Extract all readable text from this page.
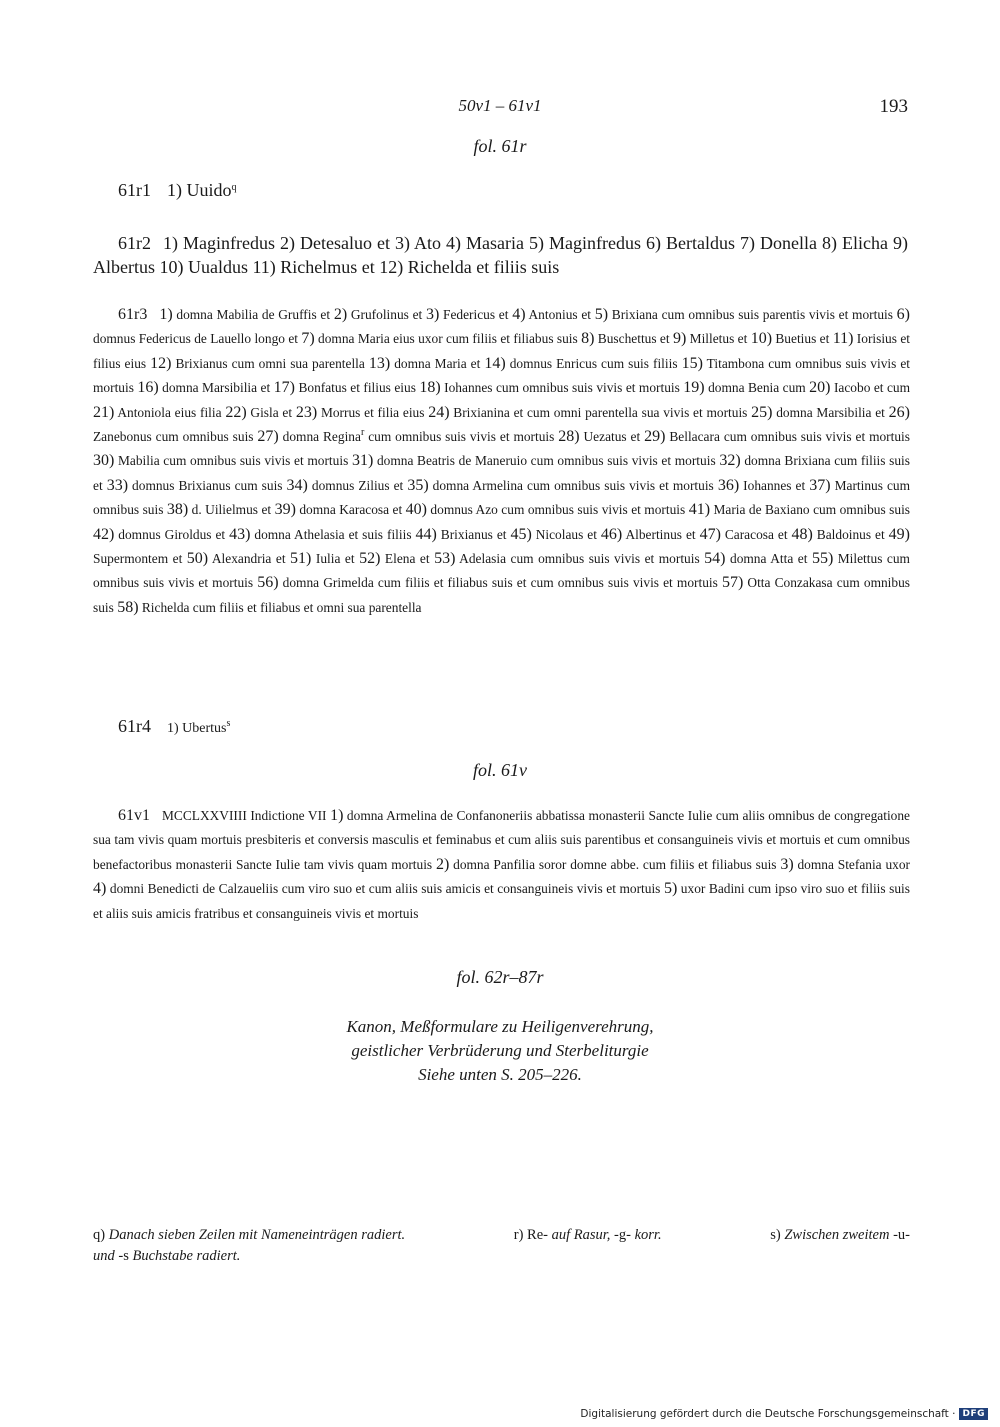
50v1 – 61v1	193
fol. 61r
61r1 1) Uuido$^q$
61r2 1) Maginfredus 2) Detesaluo et 3) Ato 4) Masaria 5) Maginfredus 6) Bertaldus 7) Donella 8) Elicha 9) Albertus 10) Uualdus 11) Richelmus et 12) Richelda et filiis suis
61r3 1) domna Mabilia de Gruffis et 2) Grufolinus et 3) Federicus et 4) Antonius et 5) Brixiana cum omnibus suis parentis vivis et mortuis 6) domnus Federicus de Lauello longo et 7) domna Maria eius uxor cum filiis et filiabus suis 8) Buschettus et 9) Milletus et 10) Buetius et 11) Iorisius et filius eius 12) Brixianus cum omni sua parentella 13) domna Maria et 14) domnus Enricus cum suis filiis 15) Titambona cum omnibus suis vivis et mortuis 16) domna Marsibilia et 17) Bonfatus et filius eius 18) Iohannes cum omnibus suis vivis et mortuis 19) domna Benia cum 20) Iacobo et cum 21) Antoniola eius filia 22) Gisla et 23) Morrus et filia eius 24) Brixianina et cum omni parentella sua vivis et mortuis 25) domna Marsibilia et 26) Zanebonus cum omnibus suis 27) domna Regina$^r$ cum omnibus suis vivis et mortuis 28) Uezatus et 29) Bellacara cum omnibus suis vivis et mortuis 30) Mabilia cum omnibus suis vivis et mortuis 31) domna Beatris de Maneruio cum omnibus suis vivis et mortuis 32) domna Brixiana cum filiis suis et 33) domnus Brixianus cum suis 34) domnus Zilius et 35) domna Armelina cum omnibus suis vivis et mortuis 36) Iohannes et 37) Martinus cum omnibus suis 38) d. Uilielmus et 39) domna Karacosa et 40) domnus Azo cum omnibus suis vivis et mortuis 41) Maria de Baxiano cum omnibus suis 42) domnus Giroldus et 43) domna Athelasia et suis filiis 44) Brixianus et 45) Nicolaus et 46) Albertinus et 47) Caracosa et 48) Baldoinus et 49) Supermontem et 50) Alexandria et 51) Iulia et 52) Elena et 53) Adelasia cum omnibus suis vivis et mortuis 54) domna Atta et 55) Milettus cum omnibus suis vivis et mortuis 56) domna Grimelda cum filiis et filiabus suis et cum omnibus suis vivis et mortuis 57) Otta Conzakasa cum omnibus suis 58) Richelda cum filiis et filiabus et omni sua parentella
61r4 1) Ubertus$^s$
fol. 61v
61v1 MCCLXXVIIII Indictione VII 1) domna Armelina de Confanoneriis abbatissa monasterii Sancte Iulie cum aliis omnibus de congregatione sua tam vivis quam mortuis presbiteris et conversis masculis et feminabus et cum aliis suis parentibus et consanguineis vivis et mortuis et cum omnibus benefactoribus monasterii Sancte Iulie tam vivis quam mortuis 2) domna Panfilia soror domne abbe. cum filiis et filiabus suis 3) domna Stefania uxor 4) domni Benedicti de Calzaueliis cum viro suo et cum aliis suis amicis et consanguineis vivis et mortuis 5) uxor Badini cum ipso viro suo et filiis suis et aliis suis amicis fratribus et consanguineis vivis et mortuis
fol. 62r–87r
Kanon, Meßformulare zu Heiligenverehrung,
geistlicher Verbrüderung und Sterbeliturgie
Siehe unten S. 205–226.
q) Danach sieben Zeilen mit Nameneinträgen radiert.	r) Re- auf Rasur, -g- korr.	s) Zwischen zweitem -u-
und -s Buchstabe radiert.
Digitalisierung gefördert durch die Deutsche Forschungsgemeinschaft · DFG
